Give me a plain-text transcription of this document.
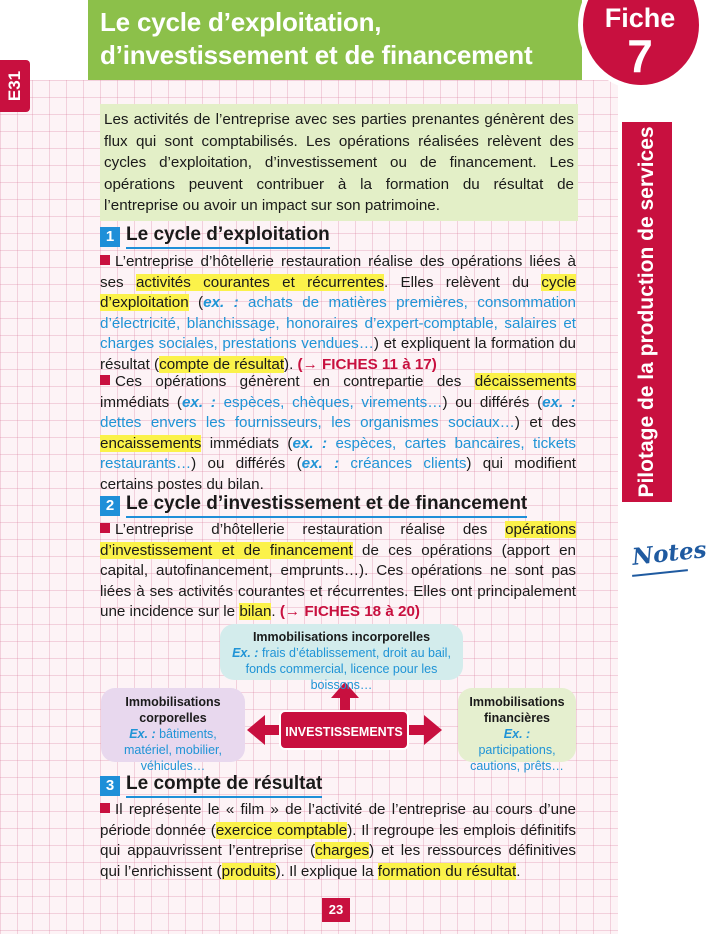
E31
Le cycle d’exploitation,
d’investissement et de financement
Fiche
7
Pilotage de la production de services
Notes
Les activités de l’entreprise avec ses parties prenantes génèrent des flux qui sont comptabilisés. Les opérations réalisées relèvent des cycles d’exploitation, d’investissement ou de financement. Les opérations peuvent contribuer à la formation du résultat de l’entreprise ou avoir un impact sur son patrimoine.
1 Le cycle d’exploitation
L’entreprise d’hôtellerie restauration réalise des opérations liées à ses activités courantes et récurrentes. Elles relèvent du cycle d’exploitation (ex. : achats de matières premières, consommation d’électricité, blanchissage, honoraires d’expert-comptable, salaires et charges sociales, prestations vendues…) et expliquent la formation du résultat (compte de résultat). (→ FICHES 11 à 17)
Ces opérations génèrent en contrepartie des décaissements immédiats (ex. : espèces, chèques, virements…) ou différés (ex. : dettes envers les fournisseurs, les organismes sociaux…) et des encaissements immédiats (ex. : espèces, cartes bancaires, tickets restaurants…) ou différés (ex. : créances clients) qui modifient certains postes du bilan.
2 Le cycle d’investissement et de financement
L’entreprise d’hôtellerie restauration réalise des opérations d’investissement et de financement de ces opérations (apport en capital, autofinancement, emprunts…). Ces opérations ne sont pas liées à ses activités courantes et récurrentes. Elles ont principalement une incidence sur le bilan. (→ FICHES 18 à 20)
Immobilisations incorporelles
Ex. : frais d’établissement, droit au bail, fonds commercial, licence pour les boissons…
Immobilisations corporelles
Ex. : bâtiments, matériel, mobilier, véhicules…
Immobilisations financières
Ex. : participations, cautions, prêts…
INVESTISSEMENTS
3 Le compte de résultat
Il représente le « film » de l’activité de l’entreprise au cours d’une période donnée (exercice comptable). Il regroupe les emplois définitifs qui appauvrissent l’entreprise (charges) et les ressources définitives qui l’enrichissent (produits). Il explique la formation du résultat.
23
